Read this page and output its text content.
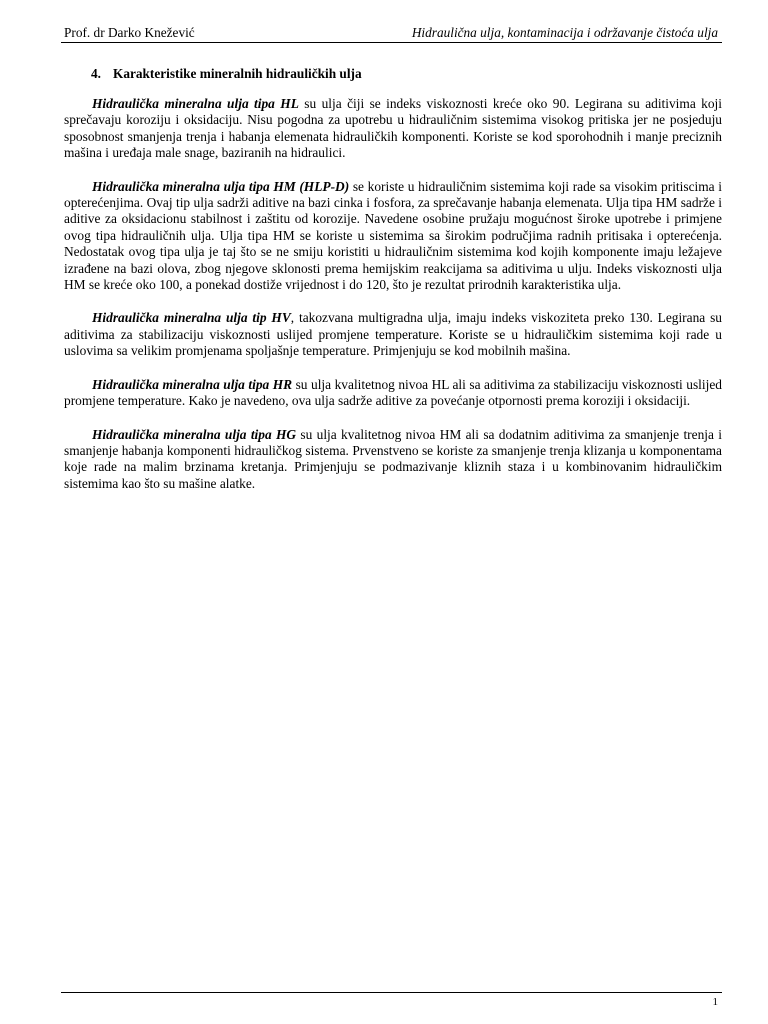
Prof. dr Darko Knežević	Hidraulična ulja, kontaminacija i održavanje čistoća ulja
4. Karakteristike mineralnih hidrauličkih ulja

Hidraulička mineralna ulja tipa HL su ulja čiji se indeks viskoznosti kreće oko 90. Legirana su aditivima koji sprečavaju koroziju i oksidaciju. Nisu pogodna za upotrebu u hidrauličnim sistemima visokog pritiska jer ne posjeduju sposobnost smanjenja trenja i habanja elemenata hidrauličkih komponenti. Koriste se kod sporohodnih i manje preciznih mašina i uređaja male snage, baziranih na hidraulici.

Hidraulička mineralna ulja tipa HM (HLP-D) se koriste u hidrauličnim sistemima koji rade sa visokim pritiscima i opterećenjima. Ovaj tip ulja sadrži aditive na bazi cinka i fosfora, za sprečavanje habanja elemenata. Ulja tipa HM sadrže i aditive za oksidacionu stabilnost i zaštitu od korozije. Navedene osobine pružaju mogućnost široke upotrebe i primjene ovog tipa hidrauličnih ulja. Ulja tipa HM se koriste u sistemima sa širokim područjima radnih pritisaka i opterećenja. Nedostatak ovog tipa ulja je taj što se ne smiju koristiti u hidrauličnim sistemima kod kojih komponente imaju ležajeve izrađene na bazi olova, zbog njegove sklonosti prema hemijskim reakcijama sa aditivima u ulju. Indeks viskoznosti ulja HM se kreće oko 100, a ponekad dostiže vrijednost i do 120, što je rezultat prirodnih karakteristika ulja.

Hidraulička mineralna ulja tip HV, takozvana multigradna ulja, imaju indeks viskoziteta preko 130. Legirana su aditivima za stabilizaciju viskoznosti uslijed promjene temperature. Koriste se u hidrauličkim sistemima koji rade u uslovima sa velikim promjenama spoljašnje temperature. Primjenjuju se kod mobilnih mašina.

Hidraulička mineralna ulja tipa HR su ulja kvalitetnog nivoa HL ali sa aditivima za stabilizaciju viskoznosti uslijed promjene temperature. Kako je navedeno, ova ulja sadrže aditive za povećanje otpornosti prema koroziji i oksidaciji.

Hidraulička mineralna ulja tipa HG su ulja kvalitetnog nivoa HM ali sa dodatnim aditivima za smanjenje trenja i smanjenje habanja komponenti hidrauličkog sistema. Prvenstveno se koriste za smanjenje trenja klizanja u komponentama koje rade na malim brzinama kretanja. Primjenjuju se podmazivanje kliznih staza i u kombinovanim hidrauličkim sistemima kao što su mašine alatke.

1
